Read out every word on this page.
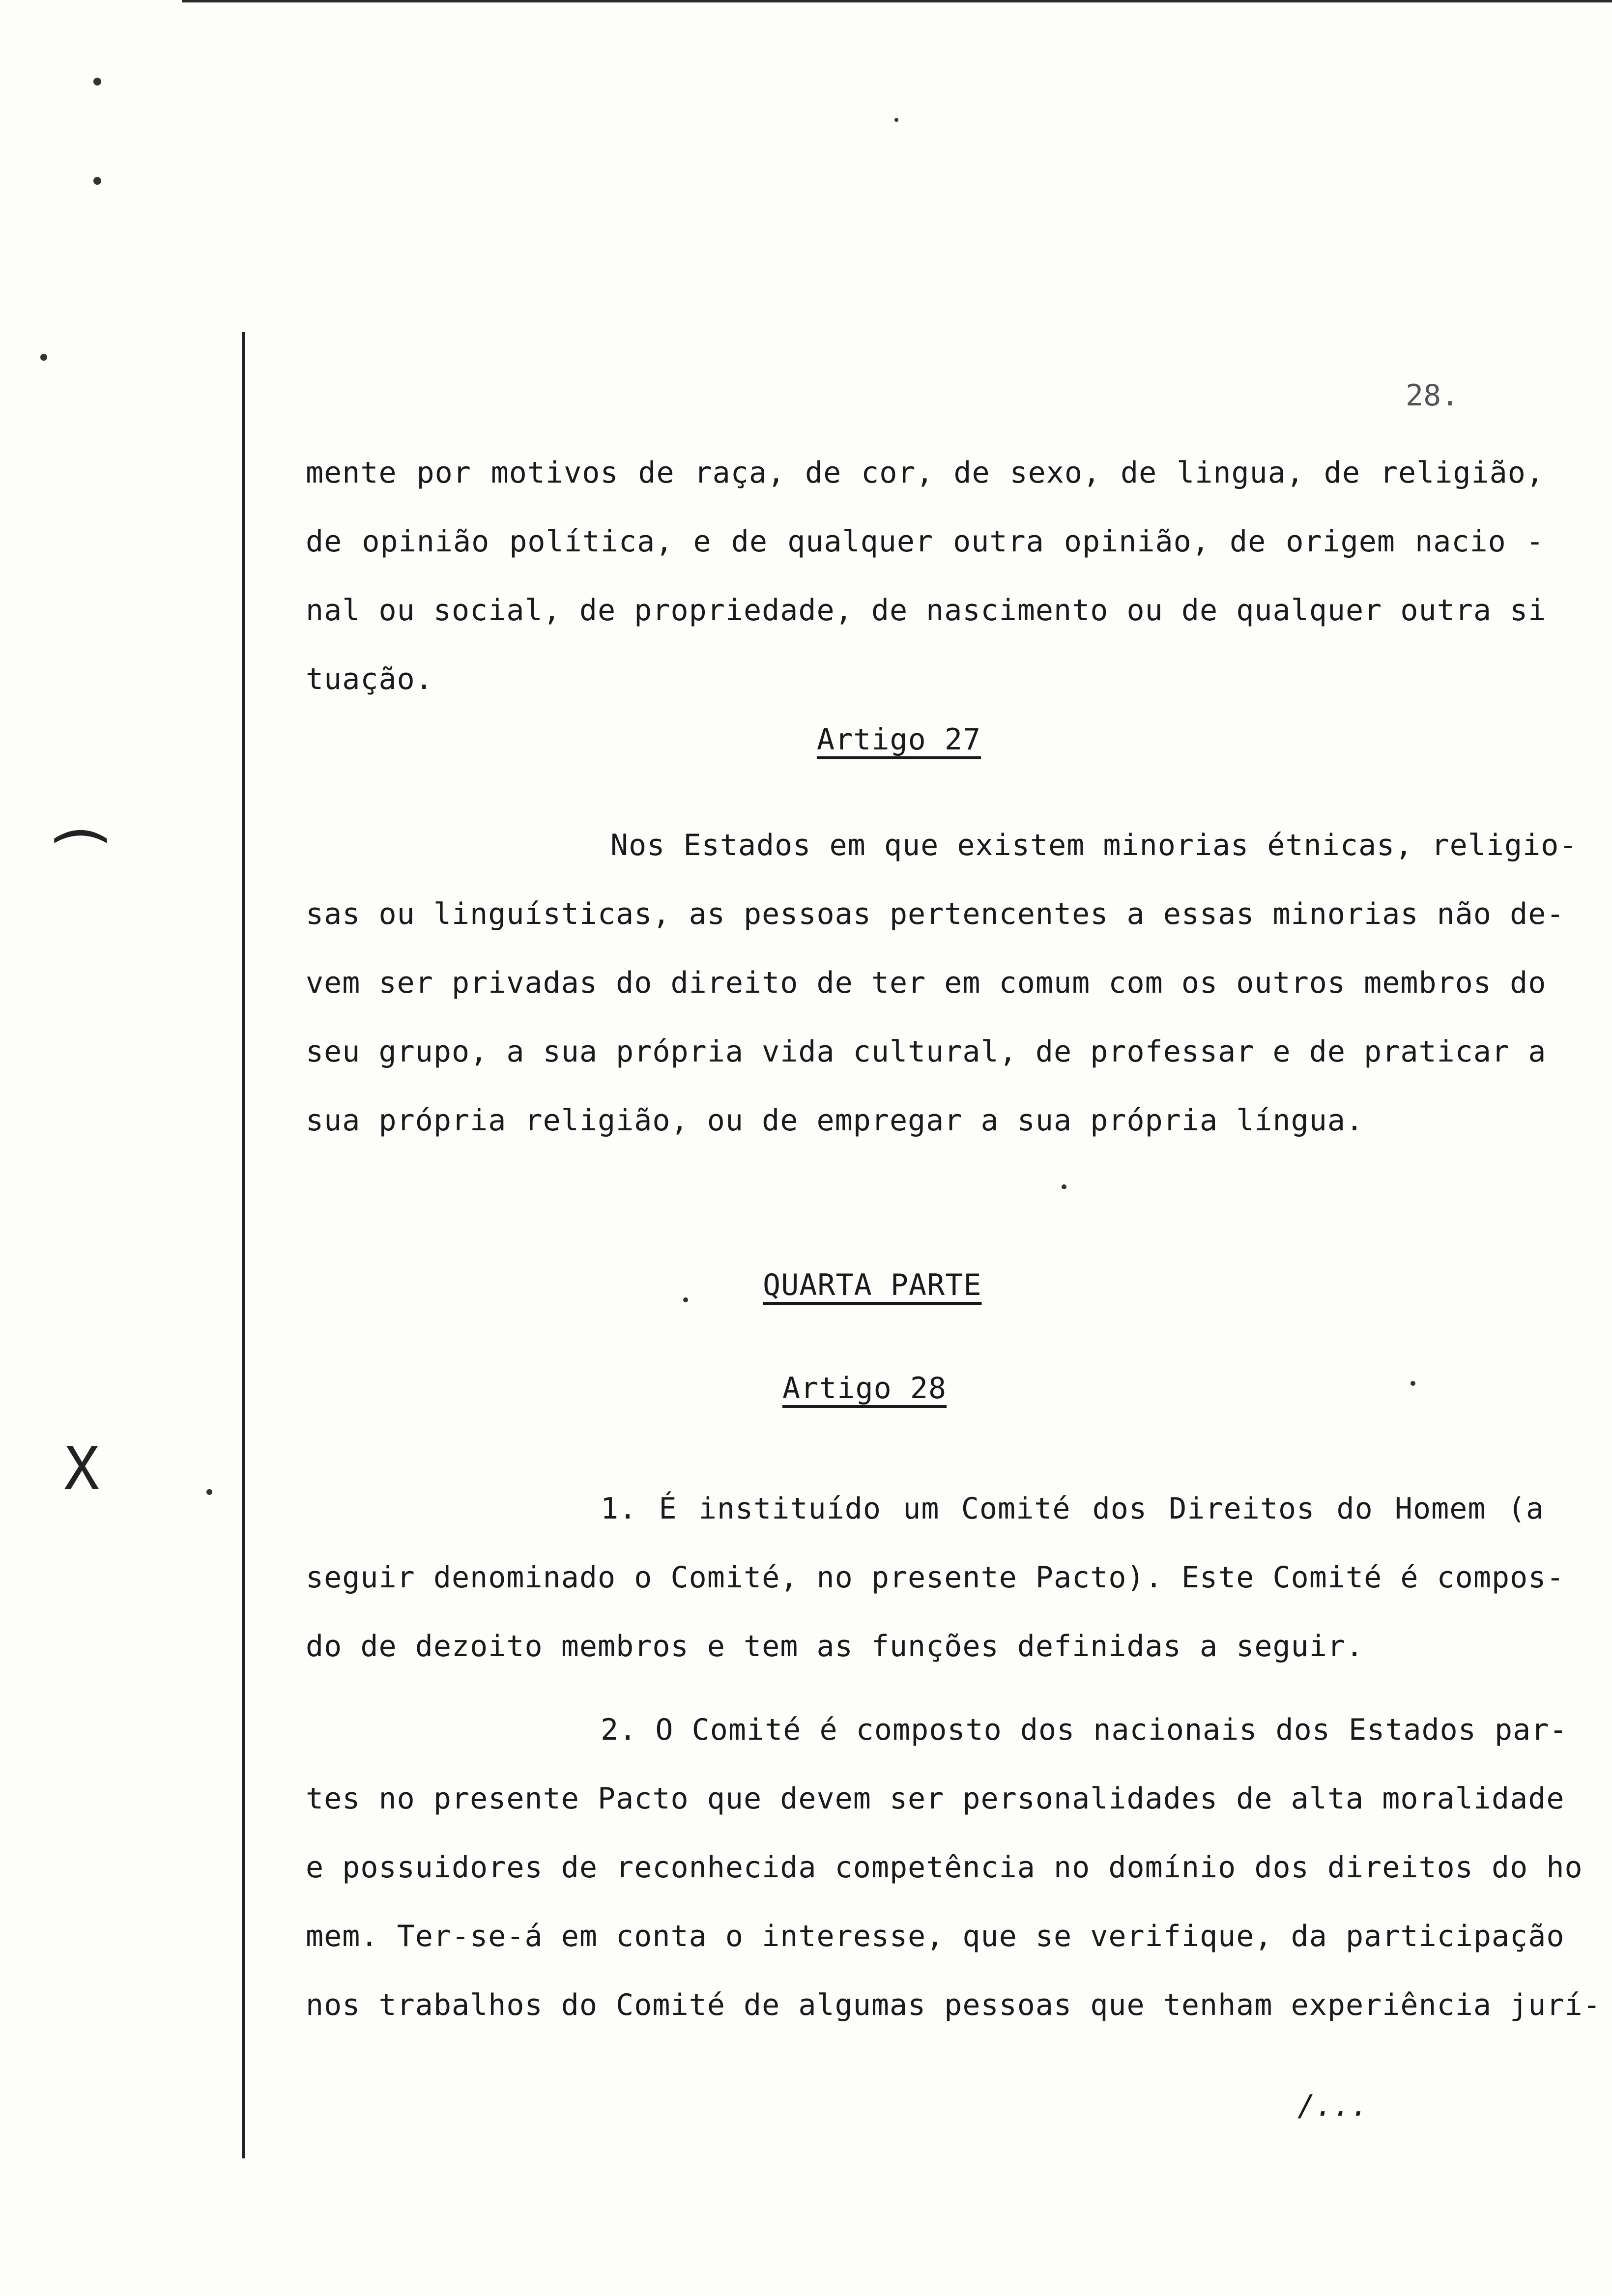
(
X
28.
mente por motivos de raça, de cor, de sexo, de lingua, de religião,
de opinião política, e de qualquer outra opinião, de origem nacio -
nal ou social, de propriedade, de nascimento ou de qualquer outra si
tuação.
Artigo 27
Nos Estados em que existem minorias étnicas, religio-
sas ou linguísticas, as pessoas pertencentes a essas minorias não de-
vem ser privadas do direito de ter em comum com os outros membros do
seu grupo, a sua própria vida cultural, de professar e de praticar a
sua própria religião, ou de empregar a sua própria língua.
QUARTA PARTE
Artigo 28
1. É instituído um Comité dos Direitos do Homem (a
seguir denominado o Comité, no presente Pacto). Este Comité é compos-
do de dezoito membros e tem as funções definidas a seguir.
2. O Comité é composto dos nacionais dos Estados par-
tes no presente Pacto que devem ser personalidades de alta moralidade
e possuidores de reconhecida competência no domínio dos direitos do ho
mem. Ter-se-á em conta o interesse, que se verifique, da participação
nos trabalhos do Comité de algumas pessoas que tenham experiência jurí-
/...
